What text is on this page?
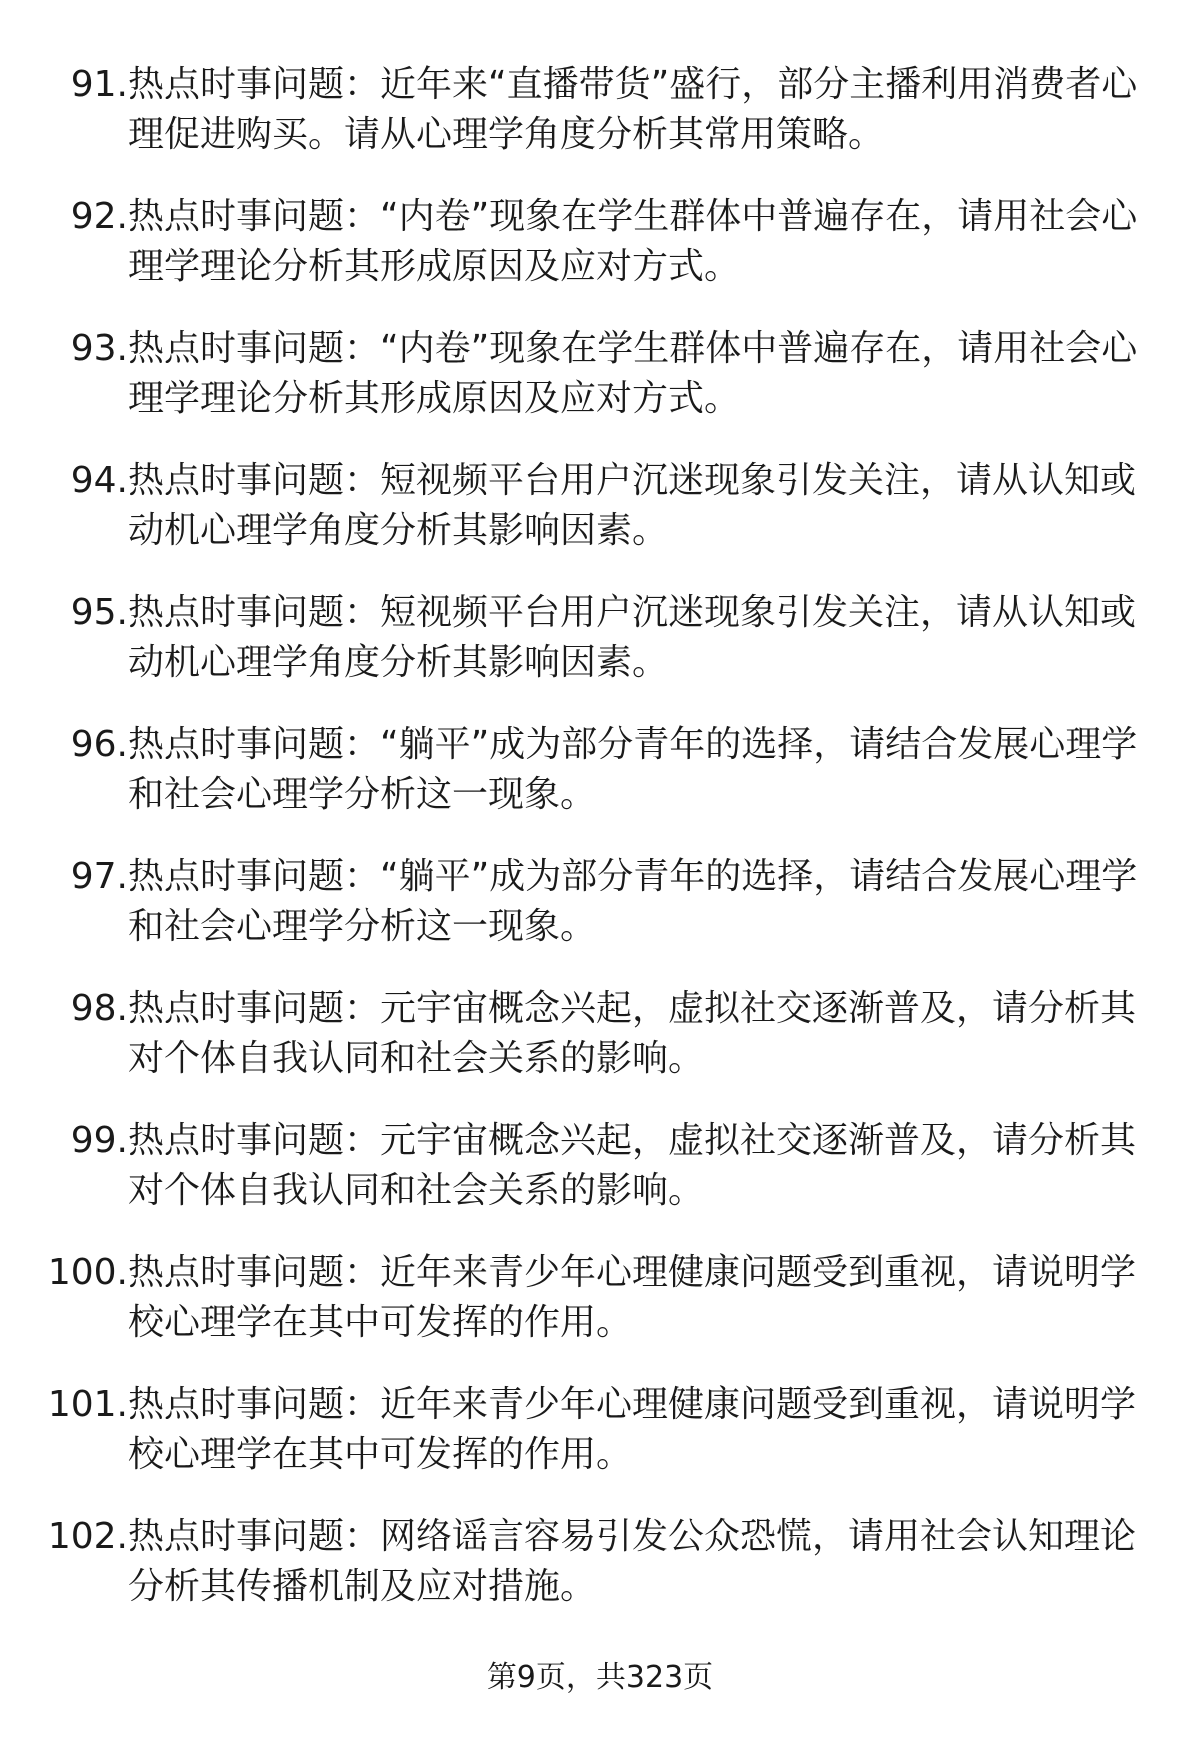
91. 热点时事问题：近年来“直播带货”盛行，部分主播利用消费者心理促进购买。请从心理学角度分析其常用策略。
92. 热点时事问题：“内卷”现象在学生群体中普遍存在，请用社会心理学理论分析其形成原因及应对方式。
93. 热点时事问题：“内卷”现象在学生群体中普遍存在，请用社会心理学理论分析其形成原因及应对方式。
94. 热点时事问题：短视频平台用户沉迷现象引发关注，请从认知或动机心理学角度分析其影响因素。
95. 热点时事问题：短视频平台用户沉迷现象引发关注，请从认知或动机心理学角度分析其影响因素。
96. 热点时事问题：“躺平”成为部分青年的选择，请结合发展心理学和社会心理学分析这一现象。
97. 热点时事问题：“躺平”成为部分青年的选择，请结合发展心理学和社会心理学分析这一现象。
98. 热点时事问题：元宇宙概念兴起，虚拟社交逐渐普及，请分析其对个体自我认同和社会关系的影响。
99. 热点时事问题：元宇宙概念兴起，虚拟社交逐渐普及，请分析其对个体自我认同和社会关系的影响。
100. 热点时事问题：近年来青少年心理健康问题受到重视，请说明学校心理学在其中可发挥的作用。
101. 热点时事问题：近年来青少年心理健康问题受到重视，请说明学校心理学在其中可发挥的作用。
102. 热点时事问题：网络谣言容易引发公众恐慌，请用社会认知理论分析其传播机制及应对措施。
第9页，共323页
